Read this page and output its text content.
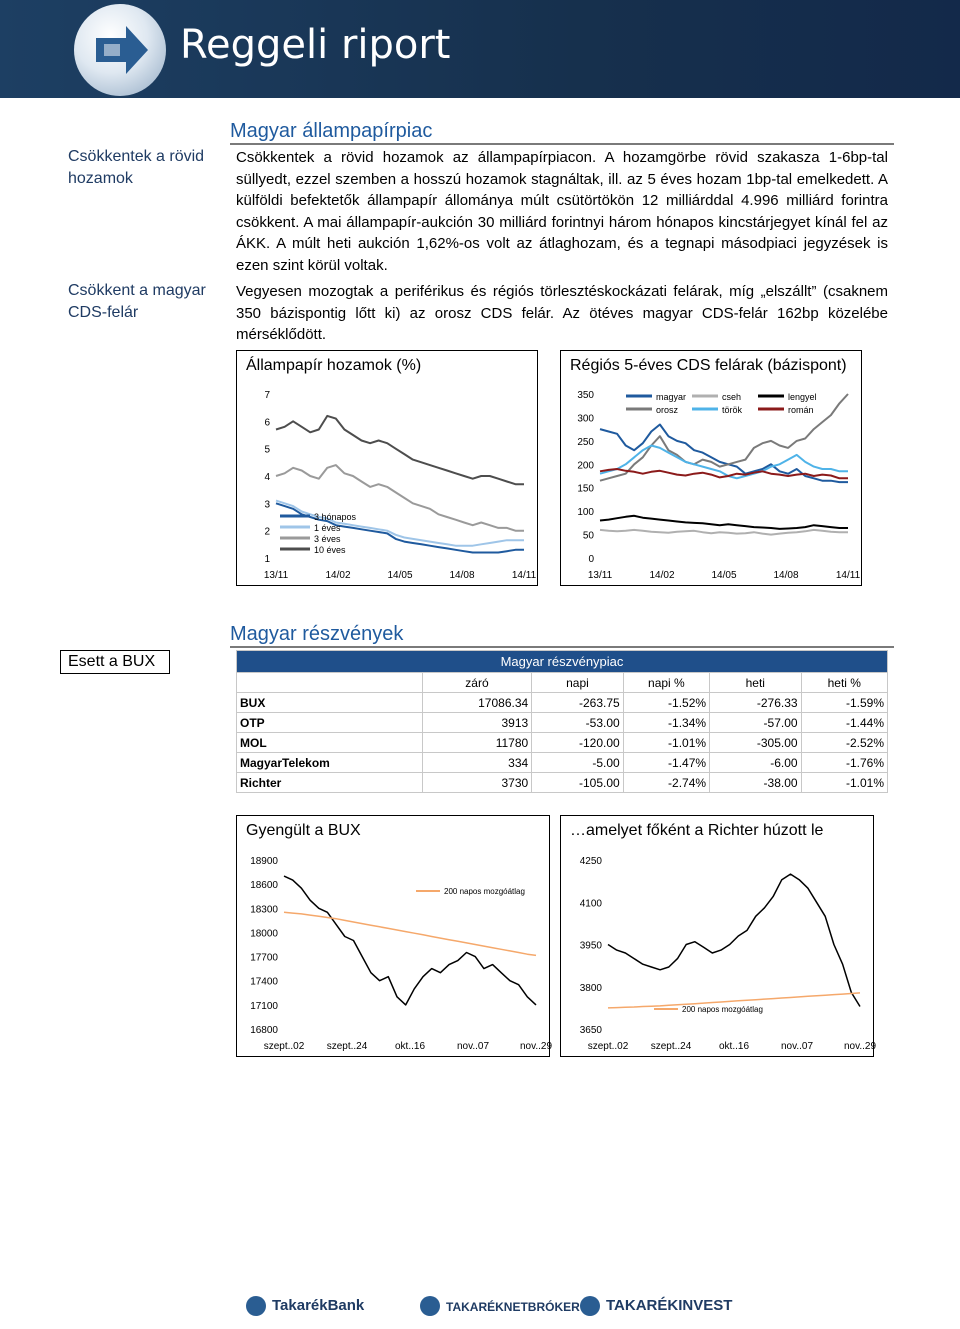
Reggeli riport
Csökkentek a rövid hozamok
Csökkent a magyar CDS-felár
Esett a BUX
Magyar állampapírpiac
Csökkentek a rövid hozamok az állampapírpiacon. A hozamgörbe rövid szakasza 1-6bp-tal süllyedt, ezzel szemben a hosszú hozamok stagnáltak, ill. az 5 éves hozam 1bp-tal emelkedett. A külföldi befektetők állampapír állománya múlt csütörtökön 12 milliárddal 4.996 milliárd forintra csökkent. A mai állampapír-aukción 30 milliárd forintnyi három hónapos kincstárjegyet kínál fel az ÁKK. A múlt heti aukción 1,62%-os volt az átlaghozam, és a tegnapi másodpiaci jegyzések is ezen szint körül voltak.
Vegyesen mozogtak a periférikus és régiós törlesztéskockázati felárak, míg „elszállt” (csaknem 350 bázispontig lőtt ki) az orosz CDS felár. Az ötéves magyar CDS-felár 162bp közelébe mérséklődött.
Állampapír hozamok (%)
1
2
3
4
5
6
7
13/11	14/02	14/05	14/08	14/11
3 hónapos
1 éves
3 éves
10 éves
Régiós 5-éves CDS felárak (bázispont)
0
50
100
150
200
250
300
350
13/11	14/02	14/05	14/08	14/11
magyar	cseh	lengyel
orosz	török	román
Magyar részvények
Magyar részvénypiac					
	záró	napi	napi %	heti	heti %
BUX	17086.34	-263.75	-1.52%	-276.33	-1.59%
OTP	3913	-53.00	-1.34%	-57.00	-1.44%
MOL	11780	-120.00	-1.01%	-305.00	-2.52%
MagyarTelekom	334	-5.00	-1.47%	-6.00	-1.76%
Richter	3730	-105.00	-2.74%	-38.00	-1.01%
Gyengült a BUX
16800
17100
17400
17700
18000
18300
18600
18900
szept..02 szept..24	okt..16	nov..07	nov..29
200 napos mozgóátlag
…amelyet főként a Richter húzott le
3650
3800
3950
4100
4250
szept..02 szept..24	okt..16	nov..07	nov..29
200 napos mozgóátlag
TakarékBank	TAKARÉKNETBRÓKER TAKARÉKINVEST
